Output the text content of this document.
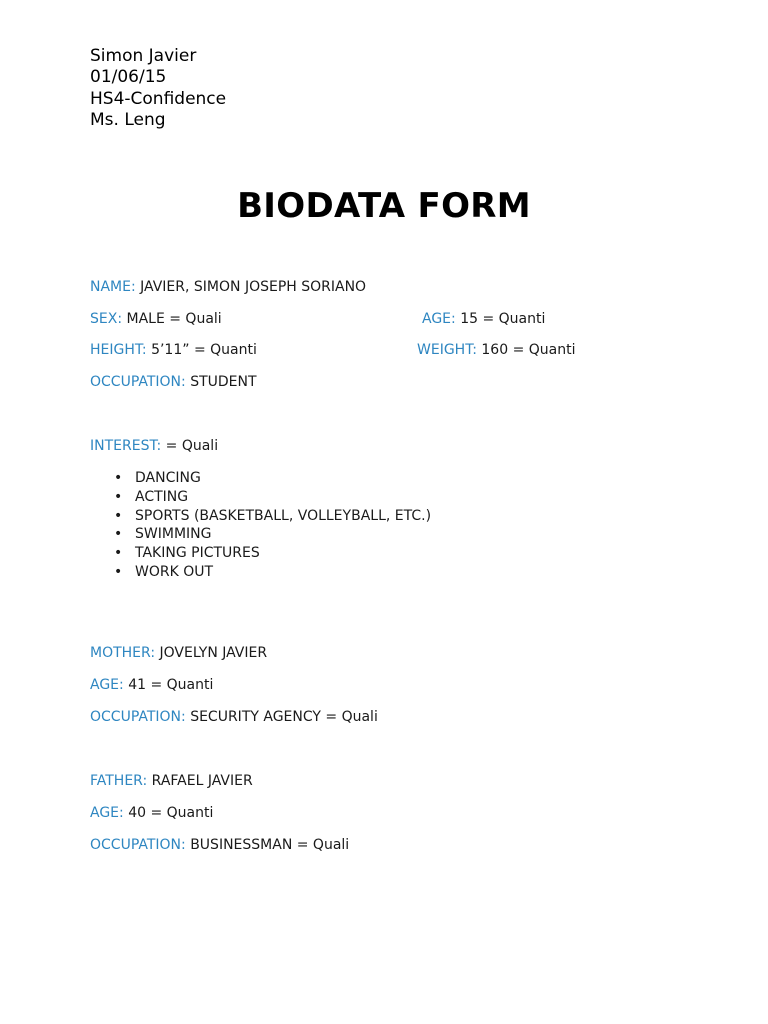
Simon Javier
01/06/15
HS4-Confidence
Ms. Leng
BIODATA FORM
NAME: JAVIER, SIMON JOSEPH SORIANO
SEX: MALE = Quali	AGE: 15 = Quanti
HEIGHT: 5’11” = Quanti	WEIGHT: 160 = Quanti
OCCUPATION: STUDENT
INTEREST: = Quali
• DANCING
• ACTING
• SPORTS (BASKETBALL, VOLLEYBALL, ETC.)
• SWIMMING
• TAKING PICTURES
• WORK OUT
MOTHER: JOVELYN JAVIER
AGE: 41 = Quanti
OCCUPATION: SECURITY AGENCY = Quali
FATHER: RAFAEL JAVIER
AGE: 40 = Quanti
OCCUPATION: BUSINESSMAN = Quali
